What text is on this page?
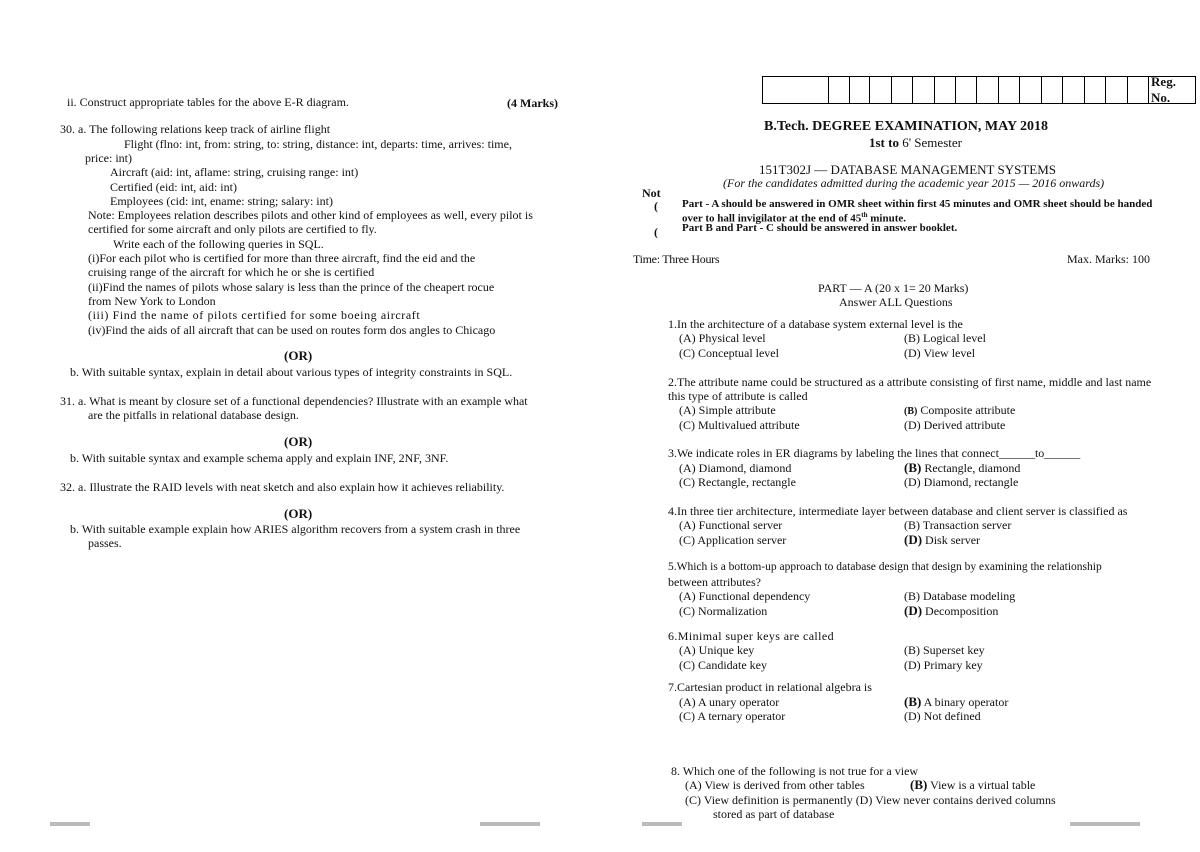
ii. Construct appropriate tables for the above E-R diagram.	(4 Marks)
30. a. The following relations keep track of airline flight
Flight (flno: int, from: string, to: string, distance: int, departs: time, arrives: time,
price: int)
Aircraft (aid: int, aflame: string, cruising range: int)
Certified (eid: int, aid: int)
Employees (cid: int, ename: string; salary: int)
Note: Employees relation describes pilots and other kind of employees as well, every pilot is
certified for some aircraft and only pilots are certified to fly.
Write each of the following queries in SQL.
(i)For each pilot who is certified for more than three aircraft, find the eid and the
cruising range of the aircraft for which he or she is certified
(ii)Find the names of pilots whose salary is less than the prince of the cheapert rocue
from New York to London
(iii) Find the name of pilots certified for some boeing aircraft
(iv)Find the aids of all aircraft that can be used on routes form dos angles to Chicago
(OR)
b. With suitable syntax, explain in detail about various types of integrity constraints in SQL.
31. a. What is meant by closure set of a functional dependencies? Illustrate with an example what
are the pitfalls in relational database design.
(OR)
b. With suitable syntax and example schema apply and explain INF, 2NF, 3NF.
32. a. Illustrate the RAID levels with neat sketch and also explain how it achieves reliability.
(OR)
b. With suitable example explain how ARIES algorithm recovers from a system crash in three
passes.
Reg. No.
B.Tech. DEGREE EXAMINATION, MAY 2018
1st to 6' Semester
151T302J — DATABASE MANAGEMENT SYSTEMS
(For the candidates admitted during the academic year 2015 — 2016 onwards)
Not
(
(
Part - A should be answered in OMR sheet within first 45 minutes and OMR sheet should be handed
over to hall invigilator at the end of 45th minute.
Part B and Part - C should be answered in answer booklet.
Time: Three Hours	Max. Marks: 100
PART — A (20 x 1= 20 Marks)
Answer ALL Questions
1.In the architecture of a database system external level is the
(A) Physical level	(B) Logical level
(C) Conceptual level	(D) View level
2.The attribute name could be structured as a attribute consisting of first name, middle and last name
this type of attribute is called
(A) Simple attribute	(B) Composite attribute
(C) Multivalued attribute	(D) Derived attribute
3.We indicate roles in ER diagrams by labeling the lines that connect______to______
(A) Diamond, diamond	(B) Rectangle, diamond
(C) Rectangle, rectangle	(D) Diamond, rectangle
4.In three tier architecture, intermediate layer between database and client server is classified as
(A) Functional server	(B) Transaction server
(C) Application server	(D) Disk server
5.Which is a bottom-up approach to database design that design by examining the relationship
between attributes?
(A) Functional dependency	(B) Database modeling
(C) Normalization	(D) Decomposition
6.Minimal super keys are called
(A) Unique key	(B) Superset key
(C) Candidate key	(D) Primary key
7.Cartesian product in relational algebra is
(A) A unary operator	(B) A binary operator
(C) A ternary operator	(D) Not defined
8. Which one of the following is not true for a view
(A) View is derived from other tables	(B) View is a virtual table
(C) View definition is permanently (D) View never contains derived columns
stored as part of database
